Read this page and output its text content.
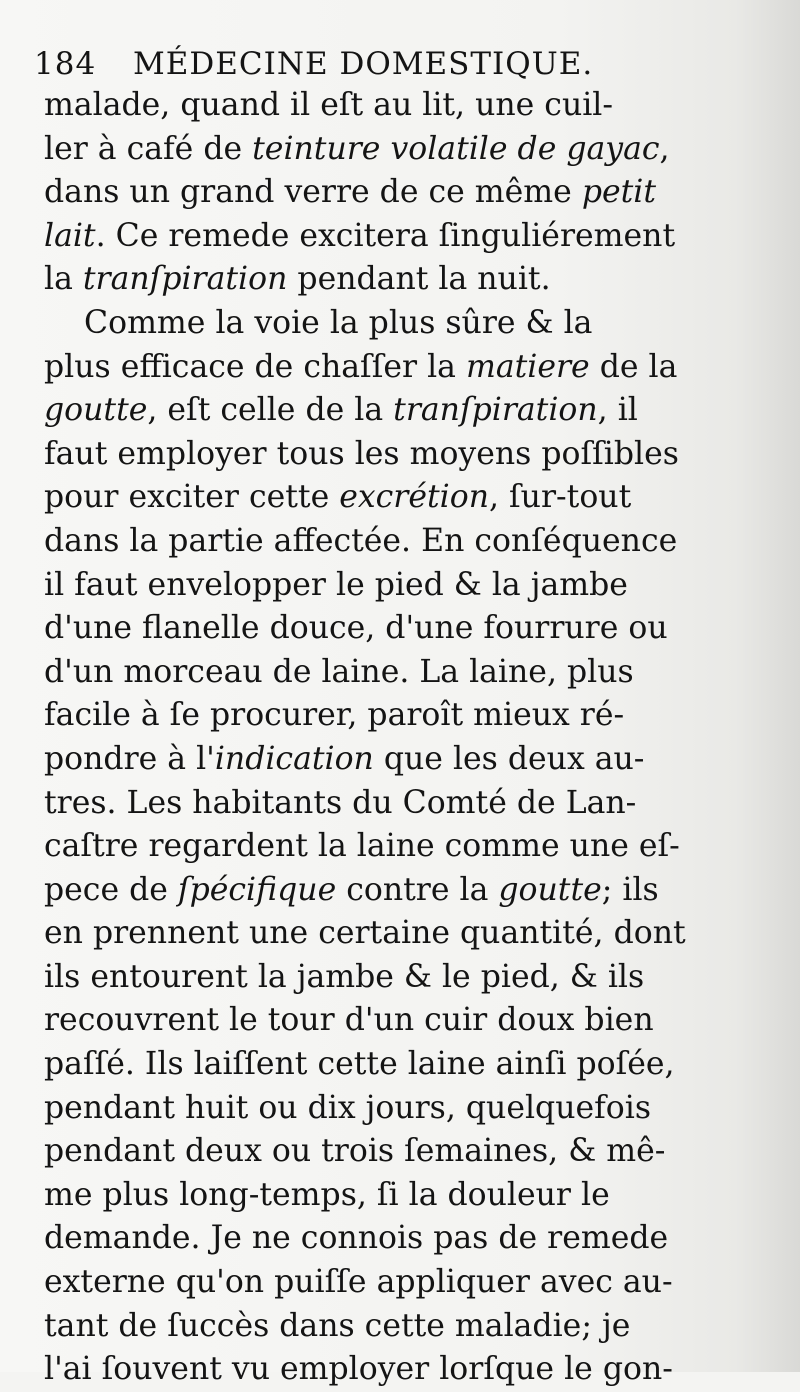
184 MÉDECINE DOMESTIQUE.
malade, quand il eſt au lit, une cuil-
ler à café de teinture volatile de gayac,
dans un grand verre de ce même petit
lait. Ce remede excitera ſinguliérement
la tranſpiration pendant la nuit.
Comme la voie la plus sûre & la
plus efficace de chaſſer la matiere de la
goutte, eſt celle de la tranſpiration, il
faut employer tous les moyens poſſibles
pour exciter cette excrétion, ſur-tout
dans la partie affectée. En conſéquence
il faut envelopper le pied & la jambe
d'une flanelle douce, d'une fourrure ou
d'un morceau de laine. La laine, plus
facile à ſe procurer, paroît mieux ré-
pondre à l'indication que les deux au-
tres. Les habitants du Comté de Lan-
caſtre regardent la laine comme une eſ-
pece de ſpécifique contre la goutte; ils
en prennent une certaine quantité, dont
ils entourent la jambe & le pied, & ils
recouvrent le tour d'un cuir doux bien
paſſé. Ils laiſſent cette laine ainſi poſée,
pendant huit ou dix jours, quelquefois
pendant deux ou trois ſemaines, & mê-
me plus long-temps, ſi la douleur le
demande. Je ne connois pas de remede
externe qu'on puiſſe appliquer avec au-
tant de ſuccès dans cette maladie; je
l'ai ſouvent vu employer lorſque le gon-
